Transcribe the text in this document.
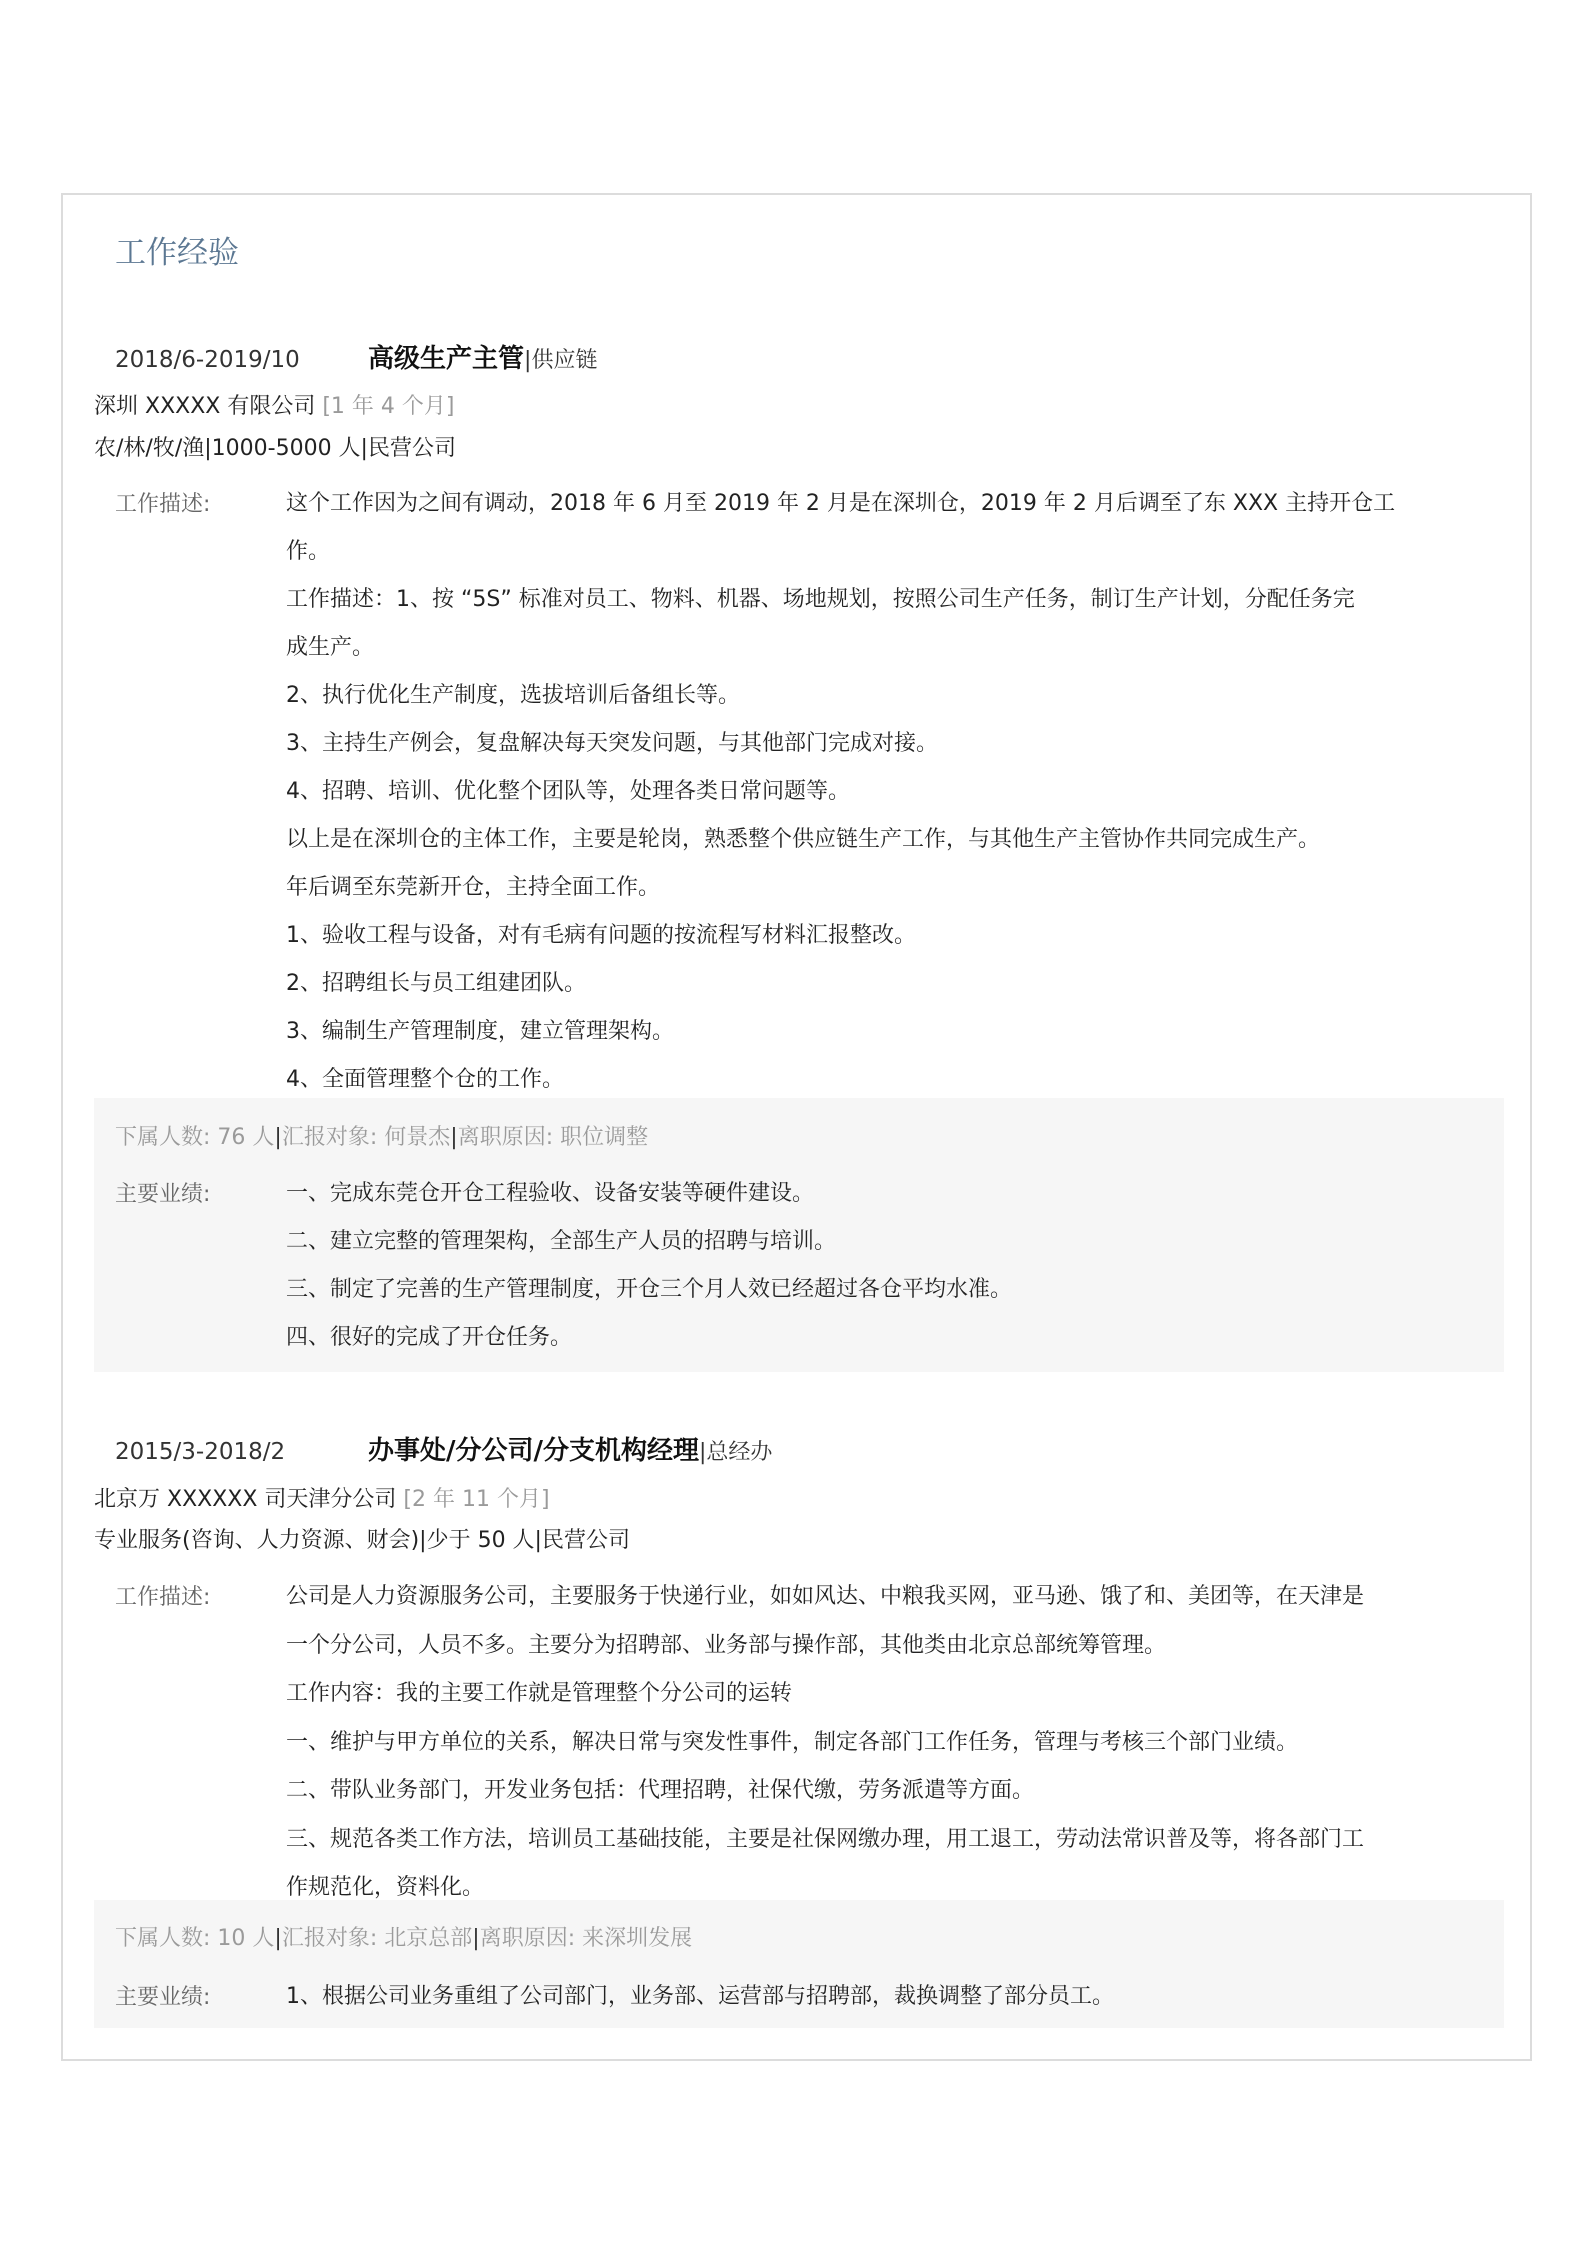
工作经验
2018/6-2019/10	高级生产主管|供应链
深圳 XXXXX 有限公司 [1 年 4 个月]
农/林/牧/渔|1000-5000 人|民营公司
工作描述:	这个工作因为之间有调动，2018 年 6 月至 2019 年 2 月是在深圳仓，2019 年 2 月后调至了东 XXX 主持开仓工

作。

工作描述：1、按 “5S” 标准对员工、物料、机器、场地规划，按照公司生产任务，制订生产计划，分配任务完

成生产。

2、执行优化生产制度，选拔培训后备组长等。

3、主持生产例会，复盘解决每天突发问题，与其他部门完成对接。

4、招聘、培训、优化整个团队等，处理各类日常问题等。

以上是在深圳仓的主体工作，主要是轮岗，熟悉整个供应链生产工作，与其他生产主管协作共同完成生产。

年后调至东莞新开仓，主持全面工作。

1、验收工程与设备，对有毛病有问题的按流程写材料汇报整改。

2、招聘组长与员工组建团队。

3、编制生产管理制度，建立管理架构。

4、全面管理整个仓的工作。

下属人数: 76 人|汇报对象: 何景杰|离职原因: 职位调整
主要业绩:	一、完成东莞仓开仓工程验收、设备安装等硬件建设。

二、建立完整的管理架构，全部生产人员的招聘与培训。

三、制定了完善的生产管理制度，开仓三个月人效已经超过各仓平均水准。

四、很好的完成了开仓任务。

2015/3-2018/2	办事处/分公司/分支机构经理|总经办
北京万 XXXXXX 司天津分公司 [2 年 11 个月]
专业服务(咨询、人力资源、财会)|少于 50 人|民营公司
工作描述:	公司是人力资源服务公司，主要服务于快递行业，如如风达、中粮我买网，亚马逊、饿了和、美团等，在天津是

一个分公司，人员不多。主要分为招聘部、业务部与操作部，其他类由北京总部统筹管理。

工作内容：我的主要工作就是管理整个分公司的运转

一、维护与甲方单位的关系，解决日常与突发性事件，制定各部门工作任务，管理与考核三个部门业绩。

二、带队业务部门，开发业务包括：代理招聘，社保代缴，劳务派遣等方面。

三、规范各类工作方法，培训员工基础技能，主要是社保网缴办理，用工退工，劳动法常识普及等，将各部门工

作规范化，资料化。

下属人数: 10 人|汇报对象: 北京总部|离职原因: 来深圳发展
主要业绩:	1、根据公司业务重组了公司部门，业务部、运营部与招聘部，裁换调整了部分员工。
